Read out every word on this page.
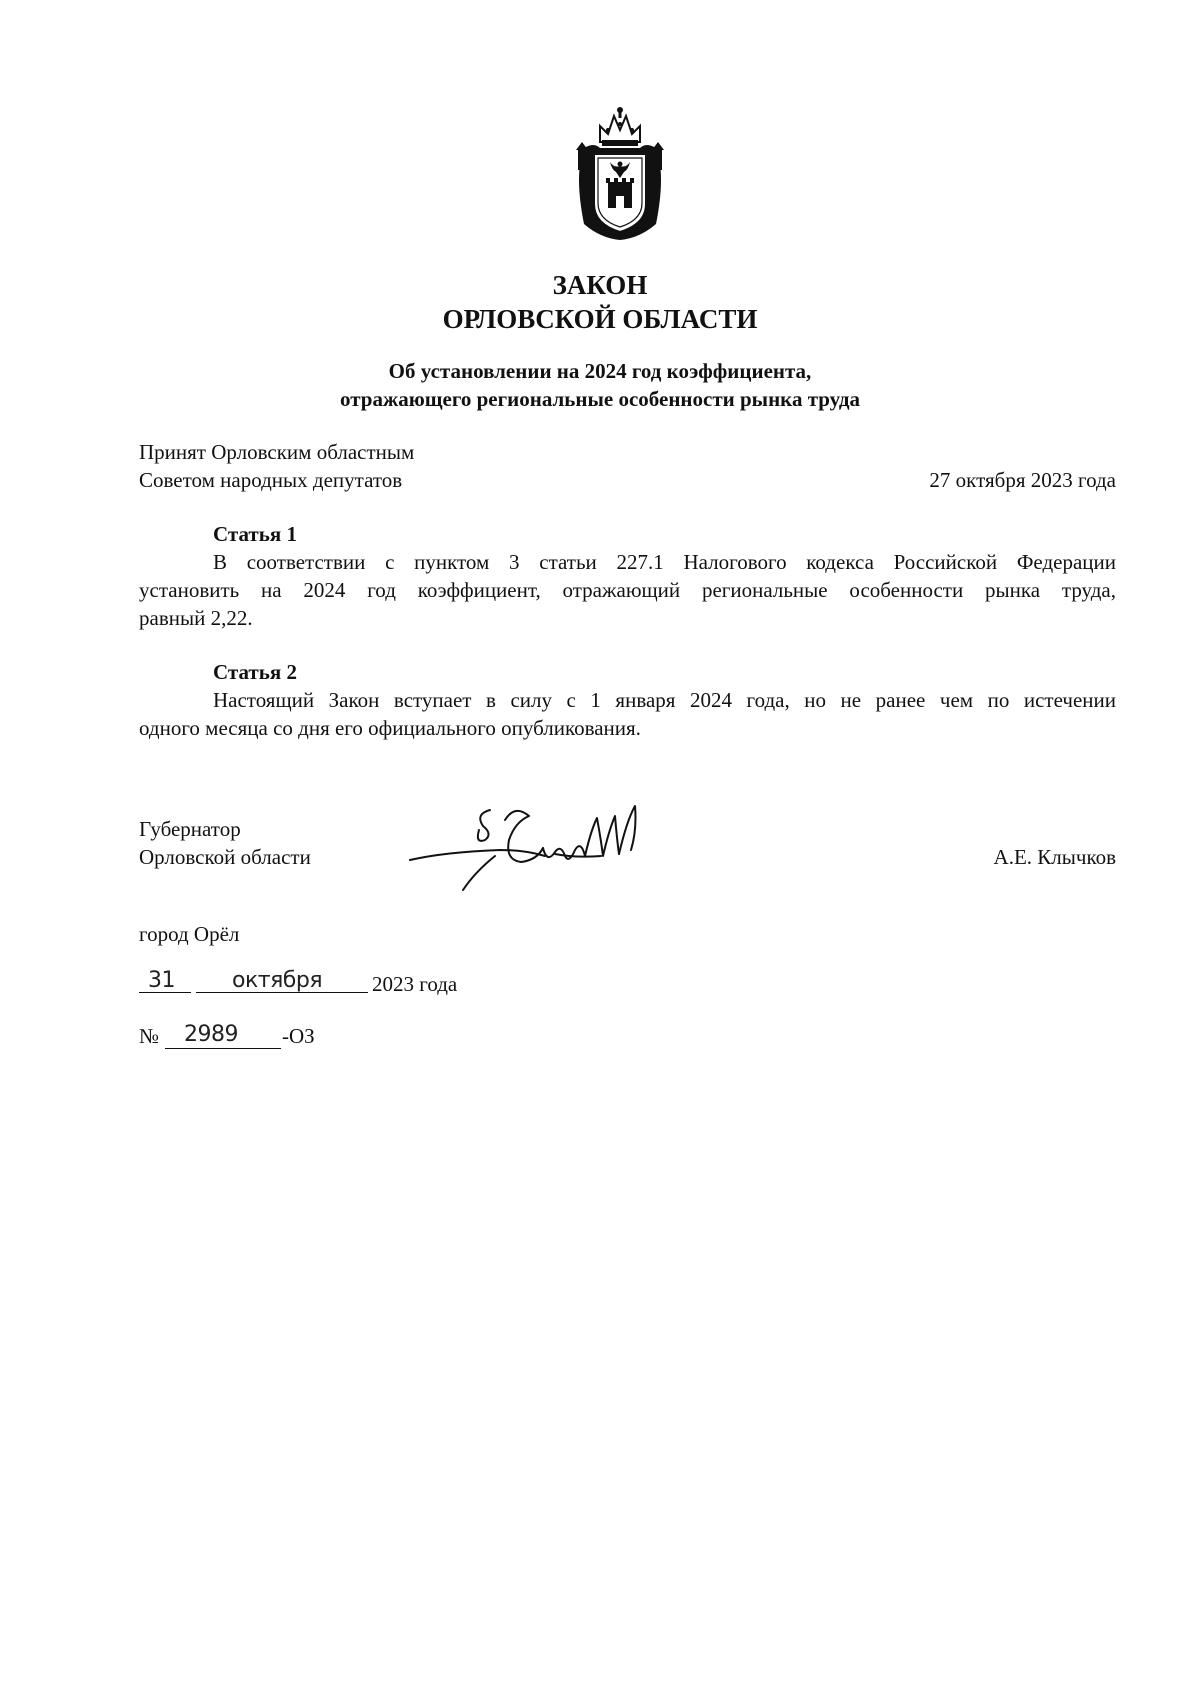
ЗАКОН
ОРЛОВСКОЙ ОБЛАСТИ
Об установлении на 2024 год коэффициента,
отражающего региональные особенности рынка труда
Принят Орловским областным
Советом народных депутатов	27 октября 2023 года
Статья 1
В соответствии с пунктом 3 статьи 227.1 Налогового кодекса Российской Федерации
установить на 2024 год коэффициент, отражающий региональные особенности рынка труда,
равный 2,22.
Статья 2
Настоящий Закон вступает в силу с 1 января 2024 года, но не ранее чем по истечении
одного месяца со дня его официального опубликования.
Губернатор
Орловской области	А.Е. Клычков
город Орёл
31	октября 2023 года
№ 2989 -ОЗ
